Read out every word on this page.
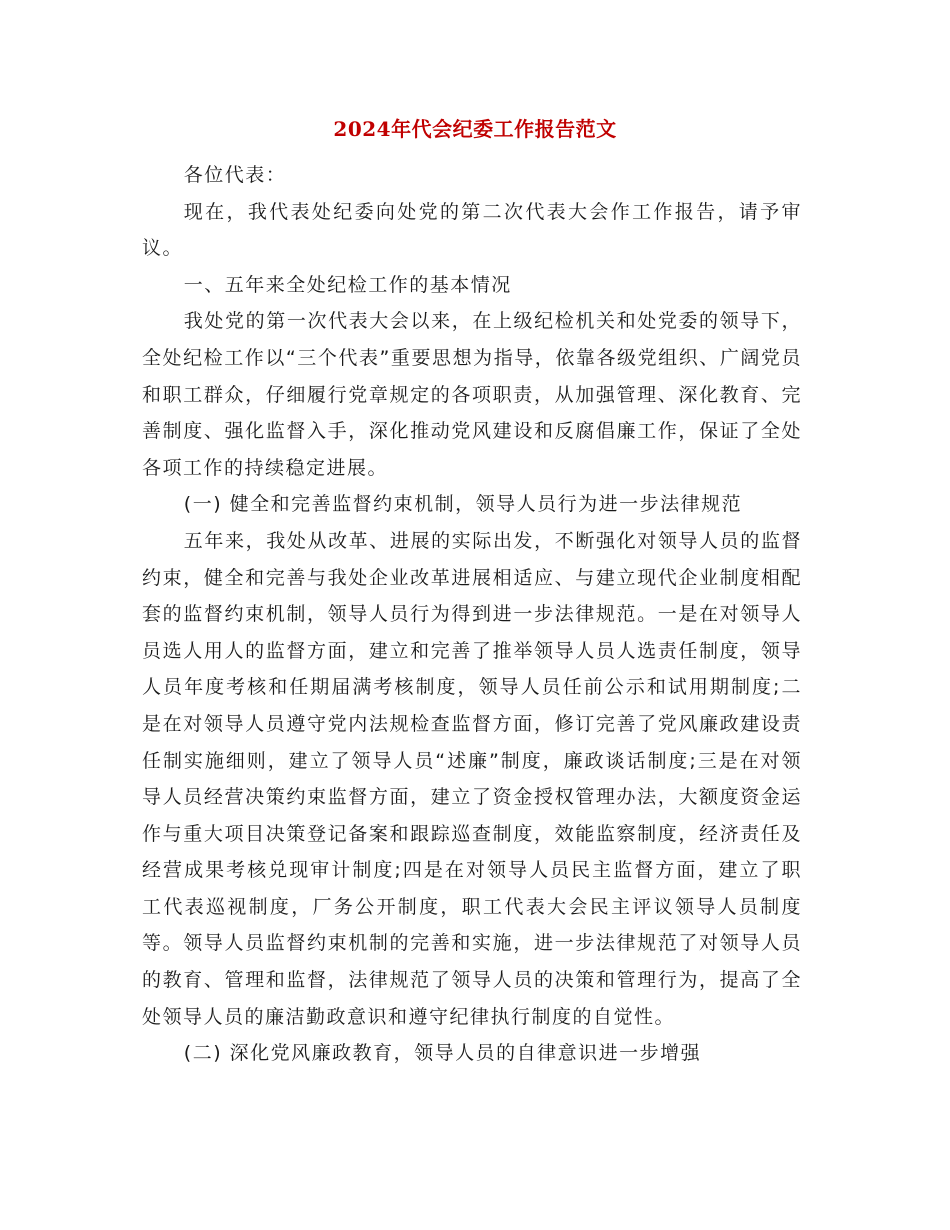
2024年代会纪委工作报告范文

各位代表：

现在，我代表处纪委向处党的第二次代表大会作工作报告，请予审议。

一、五年来全处纪检工作的基本情况

我处党的第一次代表大会以来，在上级纪检机关和处党委的领导下，全处纪检工作以“三个代表”重要思想为指导，依靠各级党组织、广阔党员和职工群众，仔细履行党章规定的各项职责，从加强管理、深化教育、完善制度、强化监督入手，深化推动党风建设和反腐倡廉工作，保证了全处各项工作的持续稳定进展。

(一) 健全和完善监督约束机制，领导人员行为进一步法律规范

五年来，我处从改革、进展的实际出发，不断强化对领导人员的监督约束，健全和完善与我处企业改革进展相适应、与建立现代企业制度相配套的监督约束机制，领导人员行为得到进一步法律规范。一是在对领导人员选人用人的监督方面，建立和完善了推举领导人员人选责任制度，领导人员年度考核和任期届满考核制度，领导人员任前公示和试用期制度;二是在对领导人员遵守党内法规检查监督方面，修订完善了党风廉政建设责任制实施细则，建立了领导人员“述廉”制度，廉政谈话制度;三是在对领导人员经营决策约束监督方面，建立了资金授权管理办法，大额度资金运作与重大项目决策登记备案和跟踪巡查制度，效能监察制度，经济责任及经营成果考核兑现审计制度;四是在对领导人员民主监督方面，建立了职工代表巡视制度，厂务公开制度，职工代表大会民主评议领导人员制度等。领导人员监督约束机制的完善和实施，进一步法律规范了对领导人员的教育、管理和监督，法律规范了领导人员的决策和管理行为，提高了全处领导人员的廉洁勤政意识和遵守纪律执行制度的自觉性。

(二) 深化党风廉政教育，领导人员的自律意识进一步增强
